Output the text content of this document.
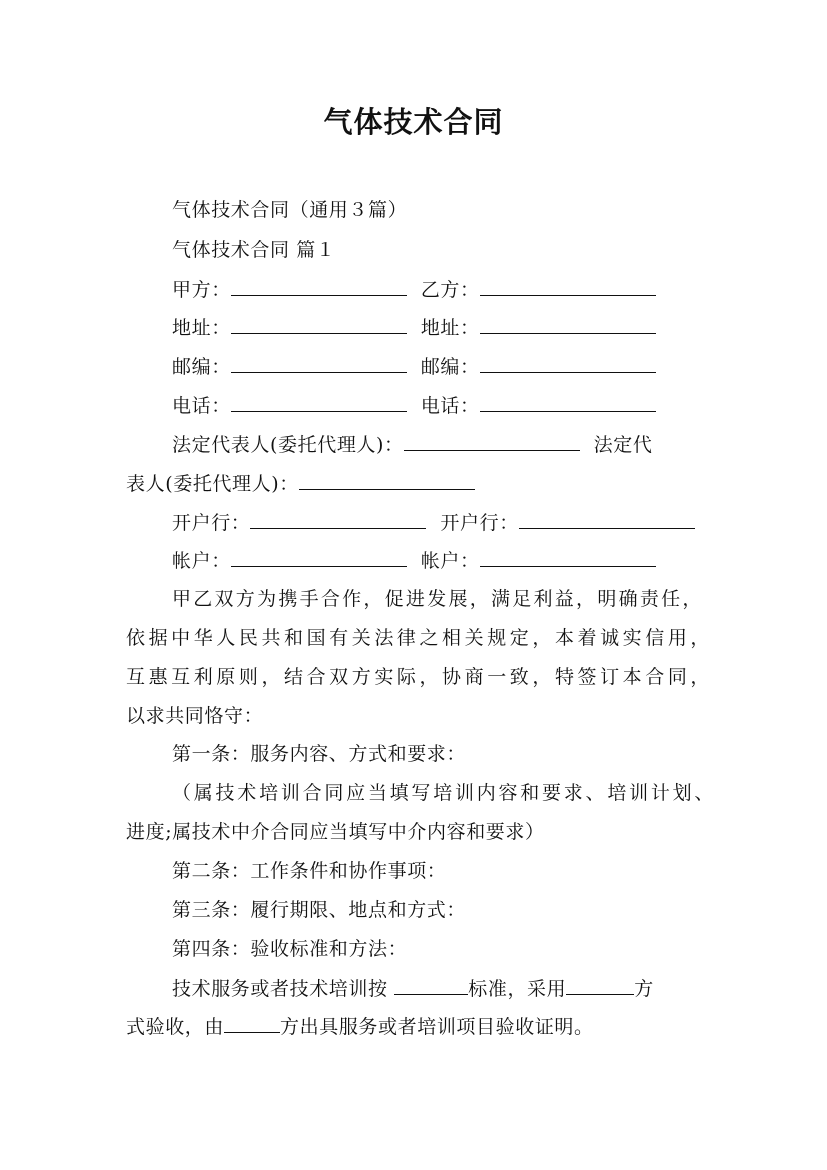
气体技术合同
气体技术合同（通用３篇）
气体技术合同 篇１
甲方：	乙方：
地址：	地址：
邮编：	邮编：
电话：	电话：
法定代表人(委托代理人)：	法定代
表人(委托代理人)：
开户行：	开户行：
帐户：	帐户：
甲乙双方为携手合作，促进发展，满足利益，明确责任，
依据中华人民共和国有关法律之相关规定，本着诚实信用，
互惠互利原则，结合双方实际，协商一致，特签订本合同，
以求共同恪守：
第一条：服务内容、方式和要求：
（属技术培训合同应当填写培训内容和要求、培训计划、
进度;属技术中介合同应当填写中介内容和要求）
第二条：工作条件和协作事项：
第三条：履行期限、地点和方式：
第四条：验收标准和方法：
技术服务或者技术培训按	标准，采用	方
式验收，由	方出具服务或者培训项目验收证明。
